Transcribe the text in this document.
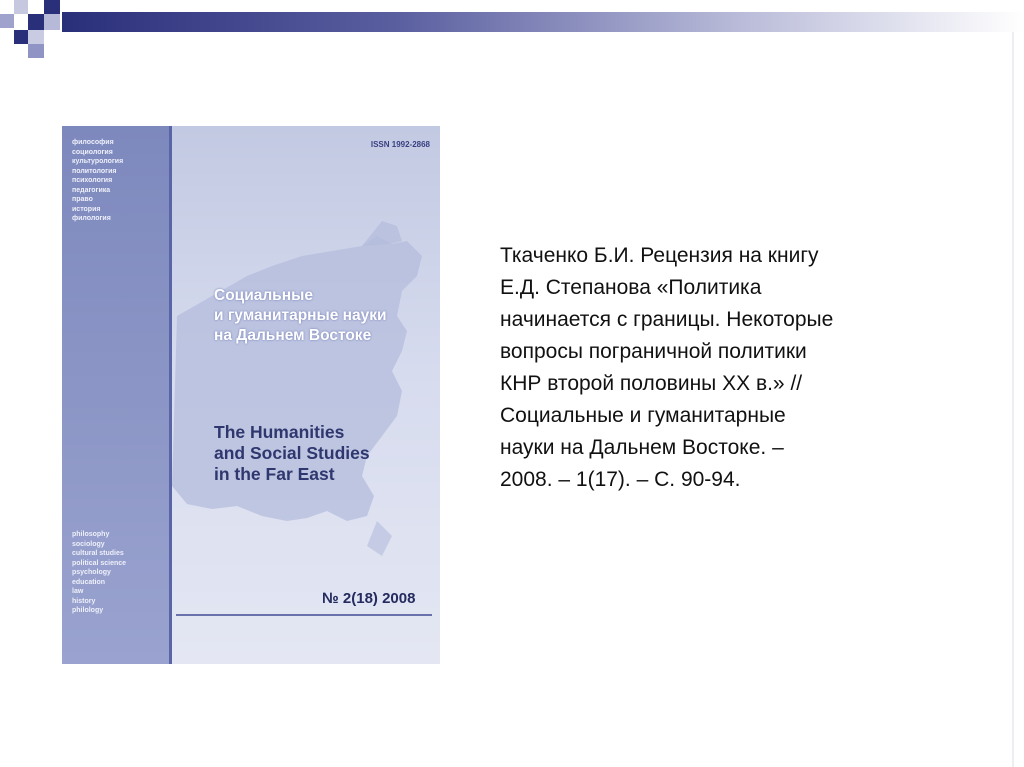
философия
социология
культурология
политология
психология
педагогика
право
история
филология
ISSN 1992-2868
Социальные
и гуманитарные науки
на Дальнем Востоке
The Humanities
and Social Studies
in the Far East
philosophy
sociology
cultural studies
political science
psychology
education
law
history
philology
№ 2(18) 2008
Ткаченко Б.И. Рецензия на книгу
Е.Д. Степанова «Политика
начинается с границы. Некоторые
вопросы пограничной политики
КНР второй половины XX в.» //
Социальные и гуманитарные
науки на Дальнем Востоке. –
2008. – 1(17). – С. 90-94.
